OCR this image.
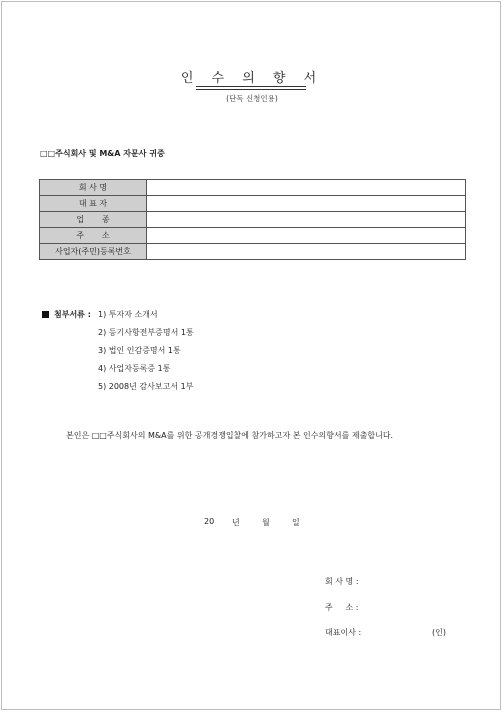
인 수 의 향 서
(단독 신청인용)
□□주식회사 및 M&A 자문사 귀중
회 사 명	
대 표 자	
업       종	
주       소	
사업자(주민)등록번호	
첨부서류 : 1) 투자자 소개서
2) 등기사항전부증명서 1통
3) 법인 인감증명서 1통
4) 사업자등록증 1통
5) 2008년 감사보고서 1부
본인은 □□주식회사의 M&A를 위한 공개경쟁입찰에 참가하고자 본 인수의향서를 제출합니다.
20 년	월	일
회 사 명 :
주     소 :
대표이사 :	(인)
